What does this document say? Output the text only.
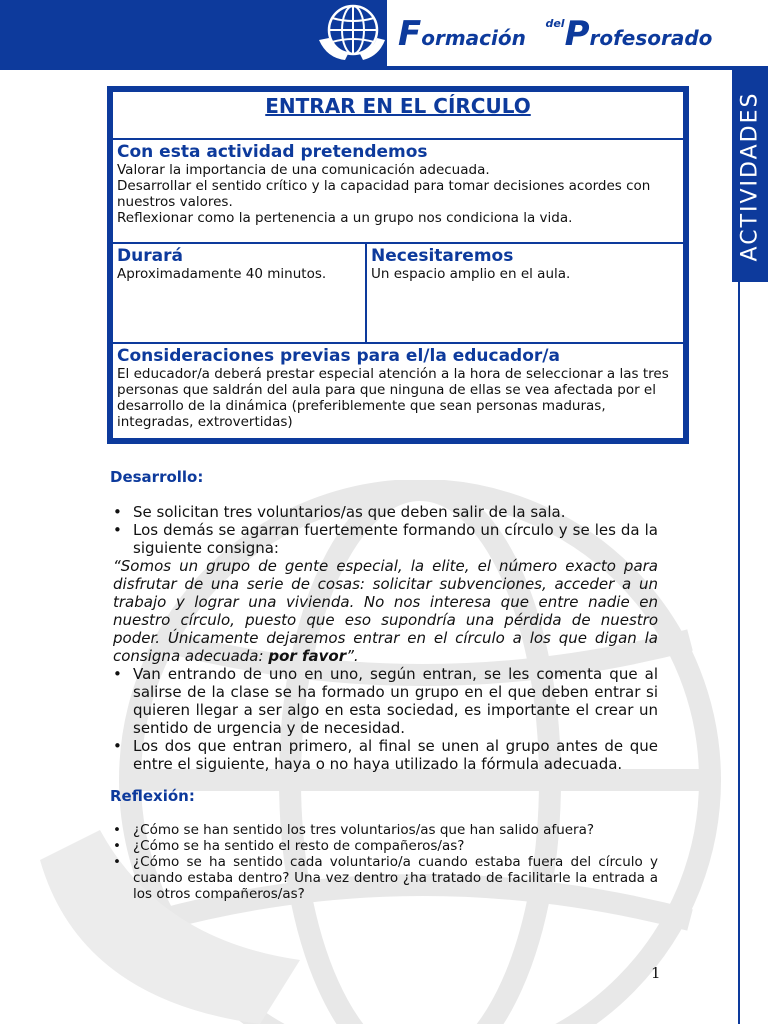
Formación $^{del}$Profesorado
ACTIVIDADES
ENTRAR EN EL CÍRCULO
Con esta actividad pretendemos
Valorar la importancia de una comunicación adecuada.
Desarrollar el sentido crítico y la capacidad para tomar decisiones acordes con nuestros valores.
Reflexionar como la pertenencia a un grupo nos condiciona la vida.
Durará
Aproximadamente 40 minutos.
Necesitaremos
Un espacio amplio en el aula.
Consideraciones previas para el/la educador/a
El educador/a deberá prestar especial atención a la hora de seleccionar a las tres personas que saldrán del aula para que ninguna de ellas se vea afectada por el desarrollo de la dinámica (preferiblemente que sean personas maduras, integradas, extrovertidas)
Desarrollo:
• Se solicitan tres voluntarios/as que deben salir de la sala.
• Los demás se agarran fuertemente formando un círculo y se les da la siguiente consigna:
“Somos un grupo de gente especial, la elite, el número exacto para disfrutar de una serie de cosas: solicitar subvenciones, acceder a un trabajo y lograr una vivienda. No nos interesa que entre nadie en nuestro círculo, puesto que eso supondría una pérdida de nuestro poder. Únicamente dejaremos entrar en el círculo a los que digan la consigna adecuada: por favor”.
• Van entrando de uno en uno, según entran, se les comenta que al salirse de la clase se ha formado un grupo en el que deben entrar si quieren llegar a ser algo en esta sociedad, es importante el crear un sentido de urgencia y de necesidad.
• Los dos que entran primero, al final se unen al grupo antes de que entre el siguiente, haya o no haya utilizado la fórmula adecuada.
Reflexión:
• ¿Cómo se han sentido los tres voluntarios/as que han salido afuera?
• ¿Cómo se ha sentido el resto de compañeros/as?
• ¿Cómo se ha sentido cada voluntario/a cuando estaba fuera del círculo y cuando estaba dentro? Una vez dentro ¿ha tratado de facilitarle la entrada a los otros compañeros/as?
1
